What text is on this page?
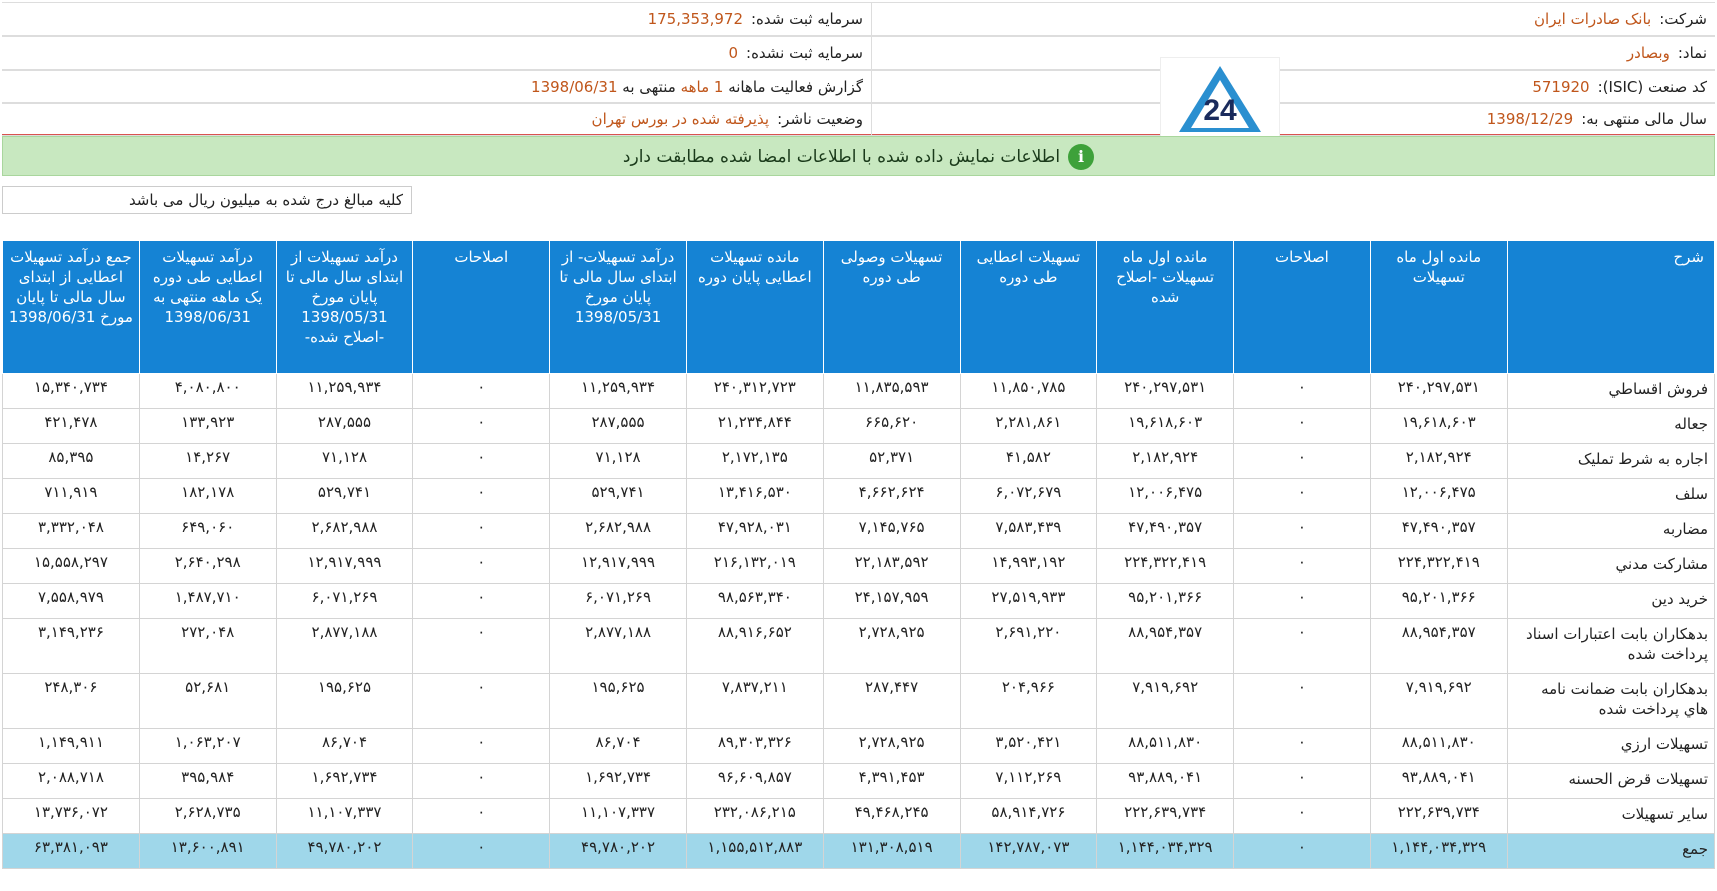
شرکت:بانک صادرات ایران
سرمایه ثبت شده:175,353,972
نماد:وبصادر
سرمایه ثبت نشده:0
کد صنعت (ISIC):571920
گزارش فعالیت ماهانه 1 ماهه منتهی به 1398/06/31
سال مالی منتهی به:1398/12/29
وضعیت ناشر:پذیرفته شده در بورس تهران	24
iاطلاعات نمایش داده شده با اطلاعات امضا شده مطابقت دارد
کلیه مبالغ درج شده به میلیون ریال می باشد
شرح	مانده اول ماه تسهیلات	اصلاحات	مانده اول ماه تسهیلات -اصلاح شده	تسهیلات اعطایی طی دوره	تسهیلات وصولی طی دوره	مانده تسهیلات اعطایی پایان دوره	درآمد تسهیلات- از ابتدای سال مالی تا پایان مورخ 1398/05/31	اصلاحات	درآمد تسهیلات از ابتدای سال مالی تا پایان مورخ 1398/05/31 -اصلاح شده-	درآمد تسهیلات اعطایی طی دوره یک ماهه منتهی به 1398/06/31	جمع درآمد تسهیلات اعطایی از ابتدای سال مالی تا پایان مورخ 1398/06/31
فروش اقساطي	۲۴۰,۲۹۷,۵۳۱	۰	۲۴۰,۲۹۷,۵۳۱	۱۱,۸۵۰,۷۸۵	۱۱,۸۳۵,۵۹۳	۲۴۰,۳۱۲,۷۲۳	۱۱,۲۵۹,۹۳۴	۰	۱۱,۲۵۹,۹۳۴	۴,۰۸۰,۸۰۰	۱۵,۳۴۰,۷۳۴
جعاله	۱۹,۶۱۸,۶۰۳	۰	۱۹,۶۱۸,۶۰۳	۲,۲۸۱,۸۶۱	۶۶۵,۶۲۰	۲۱,۲۳۴,۸۴۴	۲۸۷,۵۵۵	۰	۲۸۷,۵۵۵	۱۳۳,۹۲۳	۴۲۱,۴۷۸
اجاره به شرط تمليک	۲,۱۸۲,۹۲۴	۰	۲,۱۸۲,۹۲۴	۴۱,۵۸۲	۵۲,۳۷۱	۲,۱۷۲,۱۳۵	۷۱,۱۲۸	۰	۷۱,۱۲۸	۱۴,۲۶۷	۸۵,۳۹۵
سلف	۱۲,۰۰۶,۴۷۵	۰	۱۲,۰۰۶,۴۷۵	۶,۰۷۲,۶۷۹	۴,۶۶۲,۶۲۴	۱۳,۴۱۶,۵۳۰	۵۲۹,۷۴۱	۰	۵۲۹,۷۴۱	۱۸۲,۱۷۸	۷۱۱,۹۱۹
مضاربه	۴۷,۴۹۰,۳۵۷	۰	۴۷,۴۹۰,۳۵۷	۷,۵۸۳,۴۳۹	۷,۱۴۵,۷۶۵	۴۷,۹۲۸,۰۳۱	۲,۶۸۲,۹۸۸	۰	۲,۶۸۲,۹۸۸	۶۴۹,۰۶۰	۳,۳۳۲,۰۴۸
مشارکت مدني	۲۲۴,۳۲۲,۴۱۹	۰	۲۲۴,۳۲۲,۴۱۹	۱۴,۹۹۳,۱۹۲	۲۲,۱۸۳,۵۹۲	۲۱۶,۱۳۲,۰۱۹	۱۲,۹۱۷,۹۹۹	۰	۱۲,۹۱۷,۹۹۹	۲,۶۴۰,۲۹۸	۱۵,۵۵۸,۲۹۷
خريد دين	۹۵,۲۰۱,۳۶۶	۰	۹۵,۲۰۱,۳۶۶	۲۷,۵۱۹,۹۳۳	۲۴,۱۵۷,۹۵۹	۹۸,۵۶۳,۳۴۰	۶,۰۷۱,۲۶۹	۰	۶,۰۷۱,۲۶۹	۱,۴۸۷,۷۱۰	۷,۵۵۸,۹۷۹
بدهکاران بابت اعتبارات اسناد پرداخت شده	۸۸,۹۵۴,۳۵۷	۰	۸۸,۹۵۴,۳۵۷	۲,۶۹۱,۲۲۰	۲,۷۲۸,۹۲۵	۸۸,۹۱۶,۶۵۲	۲,۸۷۷,۱۸۸	۰	۲,۸۷۷,۱۸۸	۲۷۲,۰۴۸	۳,۱۴۹,۲۳۶
بدهکاران بابت ضمانت نامه هاي پرداخت شده	۷,۹۱۹,۶۹۲	۰	۷,۹۱۹,۶۹۲	۲۰۴,۹۶۶	۲۸۷,۴۴۷	۷,۸۳۷,۲۱۱	۱۹۵,۶۲۵	۰	۱۹۵,۶۲۵	۵۲,۶۸۱	۲۴۸,۳۰۶
تسهيلات ارزي	۸۸,۵۱۱,۸۳۰	۰	۸۸,۵۱۱,۸۳۰	۳,۵۲۰,۴۲۱	۲,۷۲۸,۹۲۵	۸۹,۳۰۳,۳۲۶	۸۶,۷۰۴	۰	۸۶,۷۰۴	۱,۰۶۳,۲۰۷	۱,۱۴۹,۹۱۱
تسهيلات قرض الحسنه	۹۳,۸۸۹,۰۴۱	۰	۹۳,۸۸۹,۰۴۱	۷,۱۱۲,۲۶۹	۴,۳۹۱,۴۵۳	۹۶,۶۰۹,۸۵۷	۱,۶۹۲,۷۳۴	۰	۱,۶۹۲,۷۳۴	۳۹۵,۹۸۴	۲,۰۸۸,۷۱۸
ساير تسهيلات	۲۲۲,۶۳۹,۷۳۴	۰	۲۲۲,۶۳۹,۷۳۴	۵۸,۹۱۴,۷۲۶	۴۹,۴۶۸,۲۴۵	۲۳۲,۰۸۶,۲۱۵	۱۱,۱۰۷,۳۳۷	۰	۱۱,۱۰۷,۳۳۷	۲,۶۲۸,۷۳۵	۱۳,۷۳۶,۰۷۲
جمع	۱,۱۴۴,۰۳۴,۳۲۹	۰	۱,۱۴۴,۰۳۴,۳۲۹	۱۴۲,۷۸۷,۰۷۳	۱۳۱,۳۰۸,۵۱۹	۱,۱۵۵,۵۱۲,۸۸۳	۴۹,۷۸۰,۲۰۲	۰	۴۹,۷۸۰,۲۰۲	۱۳,۶۰۰,۸۹۱	۶۳,۳۸۱,۰۹۳
